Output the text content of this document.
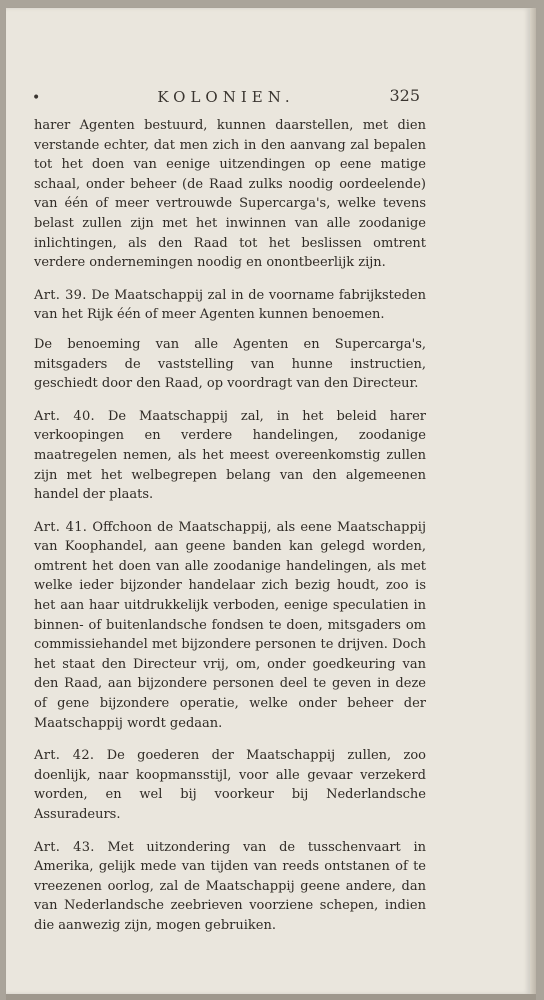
•	KOLONIEN.	325

harer Agenten bestuurd, kunnen daarstellen, met dien verstande echter, dat men zich in den aanvang zal bepalen tot het doen van eenige uitzendingen op eene matige schaal, onder beheer (de Raad zulks noodig oordeelende) van één of meer vertrouwde Supercarga's, welke tevens belast zullen zijn met het inwinnen van alle zoodanige inlichtingen, als den Raad tot het beslissen omtrent verdere ondernemingen noodig en onontbeerlijk zijn.

Art. 39. De Maatschappij zal in de voorname fabrijksteden van het Rijk één of meer Agenten kunnen benoemen.

De benoeming van alle Agenten en Supercarga's, mitsgaders de vaststelling van hunne instructien, geschiedt door den Raad, op voordragt van den Directeur.

Art. 40. De Maatschappij zal, in het beleid harer verkoopingen en verdere handelingen, zoodanige maatregelen nemen, als het meest overeenkomstig zullen zijn met het welbegrepen belang van den algemeenen handel der plaats.

Art. 41. Offchoon de Maatschappij, als eene Maatschappij van Koophandel, aan geene banden kan gelegd worden, omtrent het doen van alle zoodanige handelingen, als met welke ieder bijzonder handelaar zich bezig houdt, zoo is het aan haar uitdrukkelijk verboden, eenige speculatien in binnen- of buitenlandsche fondsen te doen, mitsgaders om commissiehandel met bijzondere personen te drijven. Doch het staat den Directeur vrij, om, onder goedkeuring van den Raad, aan bijzondere personen deel te geven in deze of gene bijzondere operatie, welke onder beheer der Maatschappij wordt gedaan.

Art. 42. De goederen der Maatschappij zullen, zoo doenlijk, naar koopmansstijl, voor alle gevaar verzekerd worden, en wel bij voorkeur bij Nederlandsche Assuradeurs.

Art. 43. Met uitzondering van de tusschenvaart in Amerika, gelijk mede van tijden van reeds ontstanen of te vreezenen oorlog, zal de Maatschappij geene andere, dan van Nederlandsche zeebrieven voorziene schepen, indien die aanwezig zijn, mogen gebruiken.
